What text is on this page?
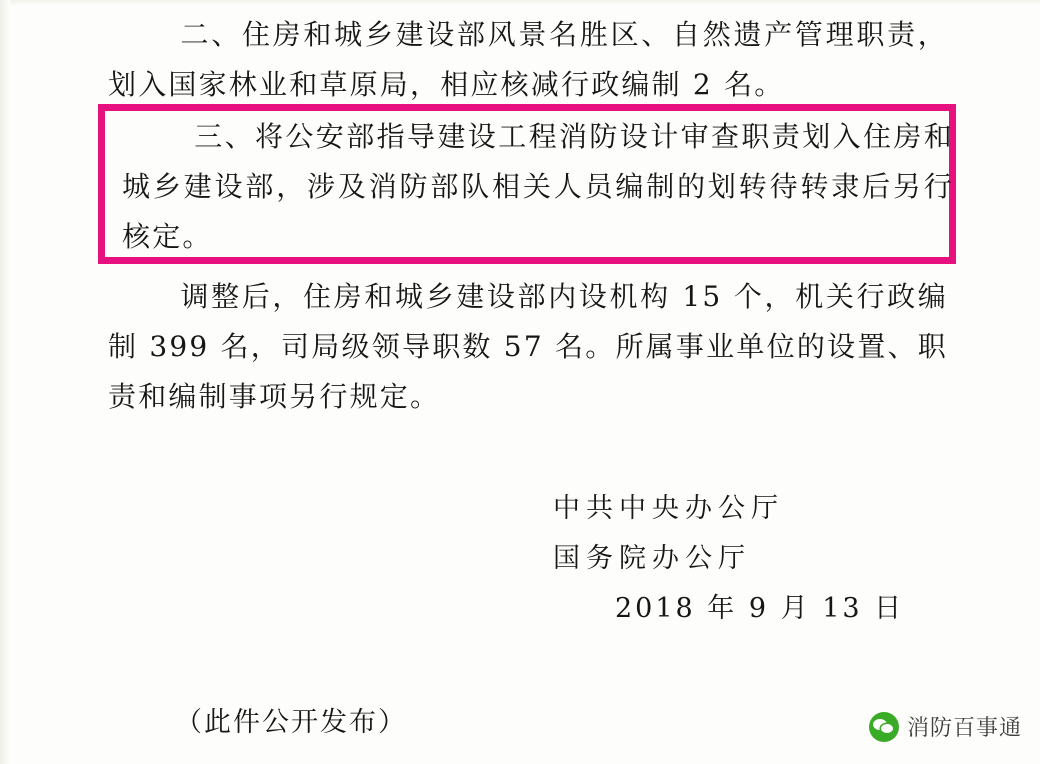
二、住房和城乡建设部风景名胜区、自然遗产管理职责，划入国家林业和草原局，相应核减行政编制 2 名。

三、将公安部指导建设工程消防设计审查职责划入住房和城乡建设部，涉及消防部队相关人员编制的划转待转隶后另行核定。

调整后，住房和城乡建设部内设机构 15 个，机关行政编制 399 名，司局级领导职数 57 名。所属事业单位的设置、职责和编制事项另行规定。

中共中央办公厅
国务院办公厅
2018 年 9 月 13 日
（此件公开发布）	消防百事通
